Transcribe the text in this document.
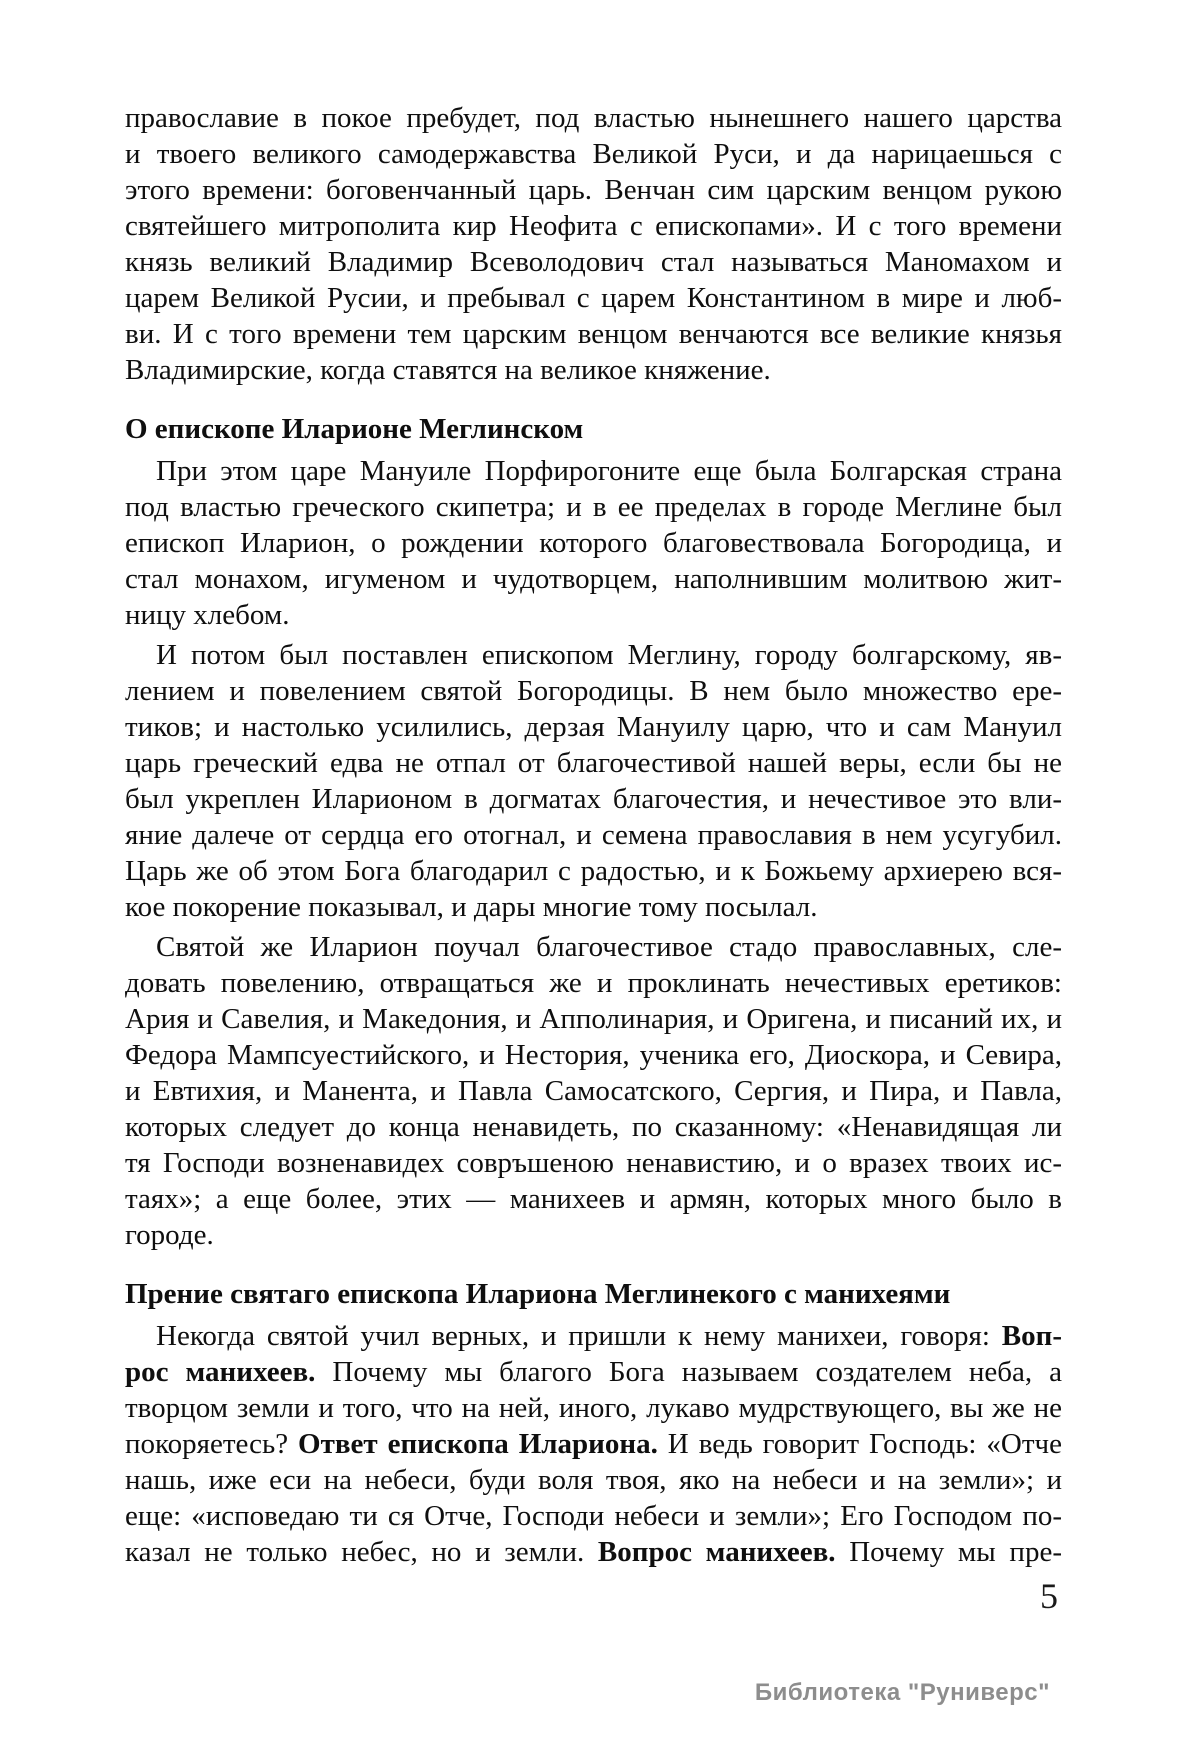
православие в покое пребудет, под властью нынешнего нашего царства
и твоего великого самодержавства Великой Руси, и да нарицаешься с
этого времени: боговенчанный царь. Венчан сим царским венцом рукою
святейшего митрополита кир Неофита с епископами». И с того времени
князь великий Владимир Всеволодович стал называться Маномахом и
царем Великой Русии, и пребывал с царем Константином в мире и люб-
ви. И с того времени тем царским венцом венчаются все великие князья
Владимирские, когда ставятся на великое княжение.
О епископе Иларионе Меглинском
При этом царе Мануиле Порфирогоните еще была Болгарская страна
под властью греческого скипетра; и в ее пределах в городе Меглине был
епископ Иларион, о рождении которого благовествовала Богородица, и
стал монахом, игуменом и чудотворцем, наполнившим молитвою жит-
ницу хлебом.
И потом был поставлен епископом Меглину, городу болгарскому, яв-
лением и повелением святой Богородицы. В нем было множество ере-
тиков; и настолько усилились, дерзая Мануилу царю, что и сам Мануил
царь греческий едва не отпал от благочестивой нашей веры, если бы не
был укреплен Иларионом в догматах благочестия, и нечестивое это вли-
яние далече от сердца его отогнал, и семена православия в нем усугубил.
Царь же об этом Бога благодарил с радостью, и к Божьему архиерею вся-
кое покорение показывал, и дары многие тому посылал.
Святой же Иларион поучал благочестивое стадо православных, сле-
довать повелению, отвращаться же и проклинать нечестивых еретиков:
Ария и Савелия, и Македония, и Апполинария, и Оригена, и писаний их, и
Федора Мампсуестийского, и Нестория, ученика его, Диоскора, и Севира,
и Евтихия, и Манента, и Павла Самосатского, Сергия, и Пира, и Павла,
которых следует до конца ненавидеть, по сказанному: «Ненавидящая ли
тя Господи возненавидех совръшеною ненавистию, и о вразех твоих ис-
таях»; а еще более, этих — манихеев и армян, которых много было в
городе.
Прение святаго епископа Илариона Меглинекого с манихеями
Некогда святой учил верных, и пришли к нему манихеи, говоря: Воп-
рос манихеев. Почему мы благого Бога называем создателем неба, а
творцом земли и того, что на ней, иного, лукаво мудрствующего, вы же не
покоряетесь? Ответ епископа Илариона. И ведь говорит Господь: «Отче
нашь, иже еси на небеси, буди воля твоя, яко на небеси и на земли»; и
еще: «исповедаю ти ся Отче, Господи небеси и земли»; Его Господом по-
казал не только небес, но и земли. Вопрос манихеев. Почему мы пре-
5
Библиотека "Руниверс"
